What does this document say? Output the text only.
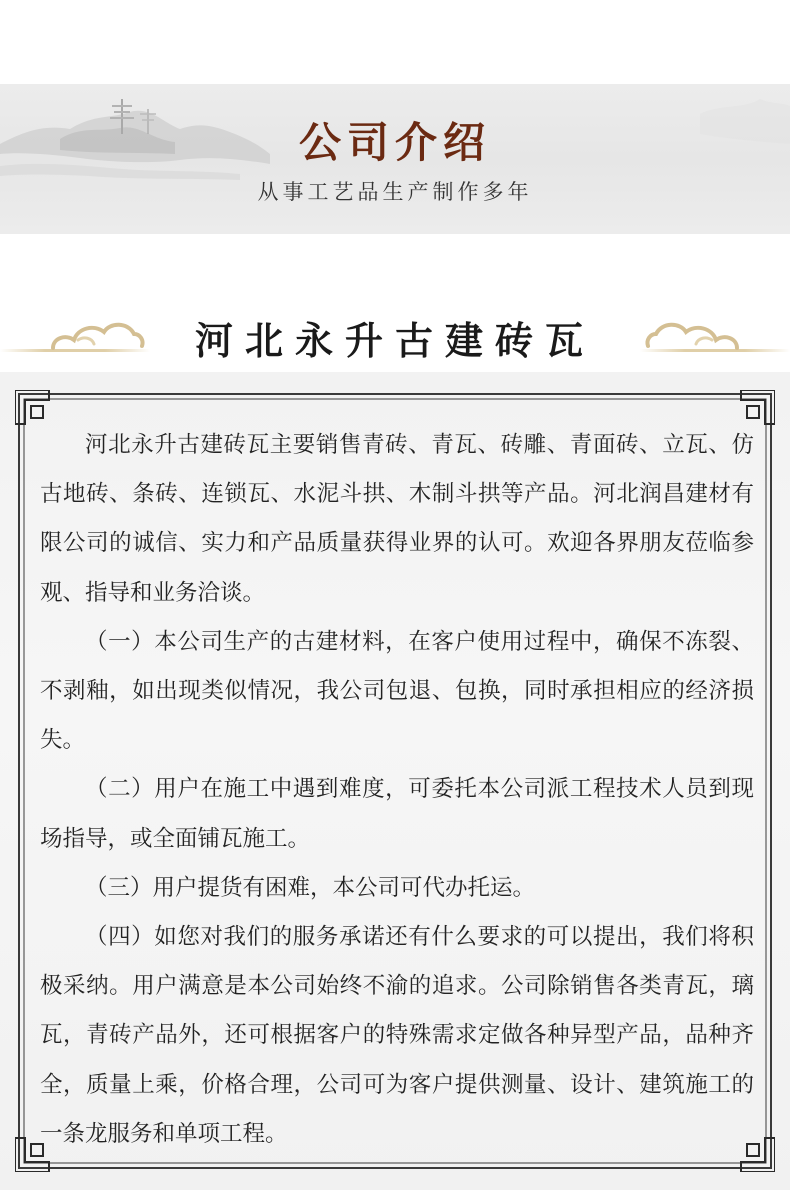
公司介绍
从事工艺品生产制作多年
河北永升古建砖瓦

河北永升古建砖瓦主要销售青砖、青瓦、砖雕、青面砖、立瓦、仿古地砖、条砖、连锁瓦、水泥斗拱、木制斗拱等产品。河北润昌建材有限公司的诚信、实力和产品质量获得业界的认可。欢迎各界朋友莅临参观、指导和业务洽谈。

（一）本公司生产的古建材料，在客户使用过程中，确保不冻裂、不剥釉，如出现类似情况，我公司包退、包换，同时承担相应的经济损失。

（二）用户在施工中遇到难度，可委托本公司派工程技术人员到现场指导，或全面铺瓦施工。

（三）用户提货有困难，本公司可代办托运。

（四）如您对我们的服务承诺还有什么要求的可以提出，我们将积极采纳。用户满意是本公司始终不渝的追求。公司除销售各类青瓦，璃瓦，青砖产品外，还可根据客户的特殊需求定做各种异型产品，品种齐全，质量上乘，价格合理，公司可为客户提供测量、设计、建筑施工的一条龙服务和单项工程。
